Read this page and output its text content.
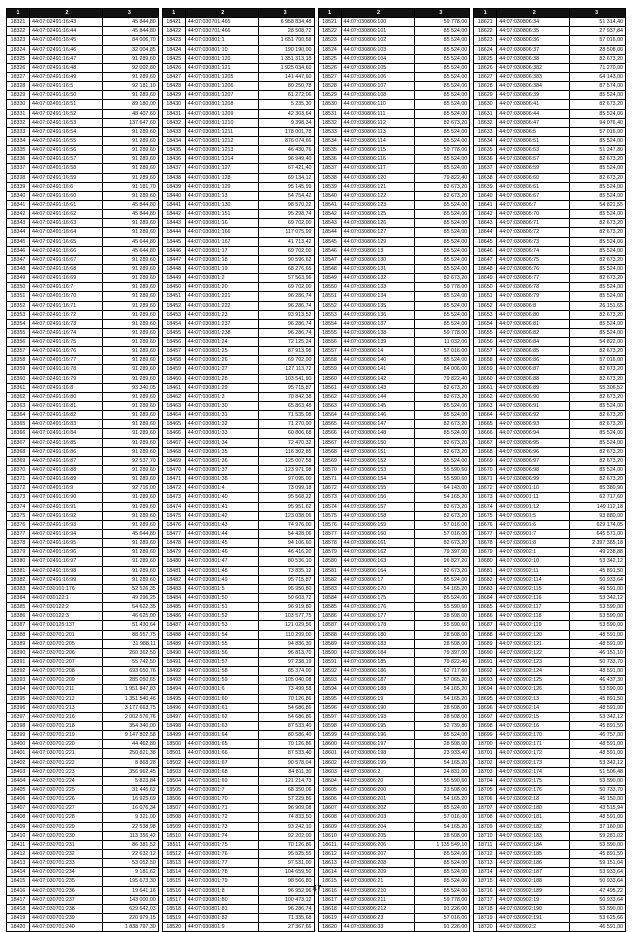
1	2	3
18321	44:07:02491:16:43	45 844,80
18322	44:07:02491:16:44	45 844,80
18323	44:07:02491:16:45	84 006,70
18324	44:07:02491:16:46	32 004,85
18325	44:07:02491:16:47	91 289,60
18326	44:07:02491:16:48	92 002,80
18327	44:07:02491:16:49	91 289,60
18328	44:07:02491:16:5	92 181,10
18329	44:07:02491:16:50	91 289,60
18330	44:07:02491:16:51	89 180,00
18331	44:07:02491:16:52	48 407,60
18332	44:07:02491:16:53	137 647,60
18333	44:07:02491:16:54	91 289,60
18334	44:07:02491:16:55	91 289,60
18335	44:07:02491:16:56	91 289,60
18336	44:07:02491:16:57	91 289,60
18337	44:07:02491:16:58	91 289,60
18338	44:07:02491:16:59	91 289,60
18339	44:07:02491:16:6	91 181,70
18340	44:07:02491:16:60	91 289,60
18341	44:07:02491:16:61	45 844,80
18342	44:07:02491:16:62	45 844,80
18343	44:07:02491:16:63	91 289,60
18344	44:07:02491:16:64	91 289,60
18345	44:07:02491:16:65	45 644,80
18346	44:07:02491:16:66	45 644,80
18347	44:07:02491:16:67	91 289,60
18348	44:07:02491:16:68	91 289,60
18349	44:07:02491:16:69	91 289,60
18350	44:07:02491:16:7	91 289,60
18351	44:07:02491:16:70	91 289,60
18352	44:07:02491:16:71	91 289,60
18353	44:07:02491:16:72	91 289,60
18354	44:07:02491:16:73	91 289,60
18355	44:07:02491:16:74	91 289,60
18356	44:07:02491:16:75	91 289,60
18357	44:07:02491:16:76	91 289,60
18358	44:07:02491:16:77	91 289,60
18359	44:07:02491:16:78	91 289,60
18360	44:07:02491:16:79	91 289,60
18361	44:07:02491:16:8	93 340,05
18362	44:07:02491:16:80	91 289,60
18363	44:07:02491:16:81	91 289,60
18364	44:07:02491:16:82	91 289,60
18365	44:07:02491:16:83	91 289,60
18366	44:07:02491:16:84	91 289,60
18367	44:07:02491:16:85	91 289,60
18368	44:07:02491:16:86	91 289,60
18369	44:07:02491:16:87	92 537,70
18370	44:07:02491:16:88	91 289,60
18371	44:07:02491:16:89	91 289,60
18372	44:07:02491:16:9	92 716,00
18373	44:07:02491:16:90	91 289,60
18374	44:07:02491:16:91	91 289,60
18375	44:07:02491:16:92	91 289,60
18376	44:07:02491:16:93	91 289,60
18377	44:07:02491:16:94	45 644,80
18378	44:07:02491:16:95	91 289,60
18379	44:07:02491:16:96	91 289,60
18380	44:07:02491:16:97	91 289,60
18381	44:07:02491:16:98	91 289,60
18382	44:07:02491:16:99	91 289,60
18383	44:07:030101:176	52 526,35
18384	44:07:030122:1	49 296,25
18385	44:07:030122:2	54 622,35
18386	44:07:030122:3	46 625,00
18387	44:07:030125:137	51 430,64
18388	44:07:030701:201	88 557,75
18389	44:07:030701:205	31 988,11
18390	44:07:030701:206	260 362,50
18391	44:07:030701:207	55 742,50
18392	44:07:030701:208	693 650,76
18393	44:07:030701:209	285 050,65
18394	44:07:030701:211	1 951 847,83
18395	44:07:030701:212	1 351 540,46
18396	44:07:030701:213	3 177 663,75
18397	44:07:030701:216	2 002 576,76
18398	44:07:030701:218	354 340,00
18399	44:07:030701:219	9 147 802,58
18400	44:07:030701:220	44 462,80
18401	44:07:030701:221	250 821,38
18402	44:07:030701:222	8 868,28
18403	44:07:030701:223	356 962,45
18404	44:07:030701:224	5 823,84
18405	44:07:030701:225	31 445,62
18406	44:07:030701:226	16 925,69
18407	44:07:030701:227	16 076,34
18408	44:07:030701:228	9 321,00
18409	44:07:030701:229	22 538,98
18410	44:07:030701:230	113 356,42
18411	44:07:030701:231	86 381,52
18412	44:07:030701:232	22 632,12
18413	44:07:030701:233	53 052,50
18414	44:07:030701:234	9 181,62
18415	44:07:030701:235	195 673,30
18416	44:07:030701:236	19 641,16
18417	44:07:030701:237	143 000,00
18418	44:07:030701:238	629 642,03
18419	44:07:030701:239	220 979,15
18420	44:07:030701:240	1 838 797,30
1	2	3
18421	44:07:030701:465	6 958 834,48
18422	44:07:030701:466	28 508,72
18423	44:07:030801:1	1 651 700,58
18424	44:07:030801:10	190 190,00
18425	44:07:030801:120	1 351 313,18
18426	44:07:030801:121	1 925 034,60
18427	44:07:030801:1205	141 447,60
18428	44:07:030801:1206	80 250,78
18429	44:07:030801:1207	61 272,06
18430	44:07:030801:1208	5 235,30
18431	44:07:030801:1209	42 303,64
18432	44:07:030801:1210	9 398,34
18433	44:07:030801:1211	178 001,78
18434	44:07:030801:1212	876 074,66
18435	44:07:030801:1213	46 430,76
18436	44:07:030801:1214	96 949,40
18437	44:07:030801:127	67 421,40
18438	44:07:030801:128	69 134,12
18439	44:07:030801:129	95 145,99
18440	44:07:030801:13	54 754,42
18441	44:07:030801:130	98 570,22
18442	44:07:030801:151	95 298,74
18443	44:07:030801:16	69 702,00
18444	44:07:030801:166	117 075,99
18445	44:07:030801:167	41 713,42
18446	44:07:030801:17	69 702,00
18447	44:07:030801:18	90 596,62
18448	44:07:030801:19	68 276,65
18449	44:07:030801:2	57 563,96
18450	44:07:030801:20	69 702,00
18451	44:07:030801:221	96 286,74
18452	44:07:030801:222	96 286,74
18453	44:07:030801:23	93 913,52
18454	44:07:030801:237	96 286,74
18455	44:07:030801:238	96 286,74
18456	44:07:030801:24	72 125,24
18457	44:07:030801:25	87 913,98
18458	44:07:030801:26	69 702,00
18459	44:07:030801:27	127 113,72
18460	44:07:030801:28	103 541,90
18461	44:07:030801:29	95 715,87
18462	44:07:030801:3	70 842,38
18463	44:07:030801:30	65 863,48
18464	44:07:030801:31	71 535,08
18465	44:07:030801:32	71 270,00
18466	44:07:030801:33	60 806,68
18467	44:07:030801:34	72 470,32
18468	44:07:030801:35	116 302,85
18469	44:07:030801:36	125 007,58
18470	44:07:030801:37	123 971,98
18471	44:07:030801:38	97 095,00
18472	44:07:030801:4	73 099,18
18473	44:07:030801:40	95 568,22
18474	44:07:030801:41	95 951,62
18475	44:07:030801:42	123 038,06
18476	44:07:030801:43	74 976,00
18477	44:07:030801:44	54 428,06
18478	44:07:030801:45	94 106,60
18479	44:07:030801:46	46 416,20
18480	44:07:030801:47	80 536,10
18481	44:07:030801:48	73 835,12
18482	44:07:030801:49	95 715,87
18483	44:07:030801:5	95 950,80
18484	44:07:030801:50	50 603,72
18485	44:07:030801:51	96 919,80
18486	44:07:030801:52	103 577,75
18487	44:07:030801:53	121 029,56
18488	44:07:030801:54	110 299,00
18489	44:07:030801:55	94 836,30
18490	44:07:030801:56	96 813,70
18491	44:07:030801:57	97 238,19
18492	44:07:030801:58	85 374,00
18493	44:07:030801:59	105 040,08
18494	44:07:030801:6	73 499,58
18495	44:07:030801:60	70 126,86
18496	44:07:030801:61	54 686,86
18497	44:07:030801:62	54 686,86
18498	44:07:030801:63	87 533,40
18499	44:07:030801:64	80 586,40
18500	44:07:030801:65	70 126,86
18501	44:07:030801:66	87 533,40
18502	44:07:030801:67	90 578,04
18503	44:07:030801:68	84 811,30
18504	44:07:030801:69	121 214,73
18505	44:07:030801:7	68 350,06
18506	44:07:030801:70	57 229,86
18507	44:07:030801:71	96 909,08
18508	44:07:030801:72	74 833,50
18509	44:07:030801:73	93 242,10
18510	44:07:030801:74	92 202,00
18511	44:07:030801:75	70 126,86
18512	44:07:030801:76	95 525,55
18513	44:07:030801:77	97 531,00
18514	44:07:030801:78	104 659,50
18515	44:07:030801:79	98 566,80
18516	44:07:030801:8	96 952,96
18517	44:07:030801:80	100 473,12
18518	44:07:030801:81	96 286,74
18519	44:07:030801:82	71 335,68
18520	44:07:030801:9	27 367,66
1	2	3
18521	44:07:030806:100	59 778,00
18522	44:07:030806:101	85 524,00
18523	44:07:030806:102	85 524,00
18524	44:07:030806:103	85 524,00
18525	44:07:030806:104	85 524,00
18526	44:07:030806:105	85 524,00
18527	44:07:030806:106	85 524,00
18528	44:07:030806:107	85 524,00
18529	44:07:030806:108	85 524,00
18530	44:07:030806:110	85 524,00
18531	44:07:030806:111	85 524,00
18532	44:07:030806:112	82 673,20
18533	44:07:030806:113	85 524,00
18534	44:07:030806:114	85 524,00
18535	44:07:030806:115	59 778,00
18536	44:07:030806:116	85 524,00
18537	44:07:030806:117	85 524,00
18538	44:07:030806:120	79 822,40
18539	44:07:030806:121	82 673,20
18540	44:07:030806:122	82 673,20
18541	44:07:030806:123	85 524,00
18542	44:07:030806:125	85 524,00
18543	44:07:030806:126	85 524,00
18544	44:07:030806:127	85 524,00
18545	44:07:030806:129	85 524,00
18546	44:07:030806:13	85 524,00
18547	44:07:030806:130	85 524,00
18548	44:07:030806:131	85 524,00
18549	44:07:030806:132	82 673,20
18550	44:07:030806:133	59 778,00
18551	44:07:030806:134	85 524,00
18552	44:07:030806:135	85 524,00
18553	44:07:030806:136	85 524,00
18554	44:07:030806:137	85 524,00
18555	44:07:030806:138	59 778,00
18556	44:07:030806:139	11 032,00
18557	44:07:030806:14	57 016,00
18558	44:07:030806:140	85 524,00
18559	44:07:030806:141	84 006,00
18560	44:07:030806:142	79 822,40
18561	44:07:030806:143	82 673,20
18562	44:07:030806:144	82 673,20
18563	44:07:030806:145	85 524,00
18564	44:07:030806:146	85 524,00
18565	44:07:030806:147	82 673,20
18566	44:07:030806:148	85 524,00
18567	44:07:030806:150	82 673,20
18568	44:07:030806:151	82 673,20
18569	44:07:030806:152	85 524,00
18570	44:07:030806:153	55 590,60
18571	44:07:030806:154	55 590,60
18572	44:07:030806:155	64 143,00
18573	44:07:030806:156	54 165,20
18574	44:07:030806:157	82 673,20
18575	44:07:030806:158	82 673,20
18576	44:07:030806:159	57 016,00
18577	44:07:030806:160	57 016,00
18578	44:07:030806:161	82 673,20
18579	44:07:030806:162	79 397,00
18580	44:07:030806:163	96 827,20
18581	44:07:030806:164	82 673,20
18582	44:07:030806:17	85 524,00
18583	44:07:030806:170	54 165,20
18584	44:07:030806:175	85 524,00
18585	44:07:030806:176	55 590,60
18586	44:07:030806:177	28 508,00
18587	44:07:030806:178	55 590,60
18588	44:07:030806:180	28 508,00
18589	44:07:030806:183	28 508,00
18590	44:07:030806:184	79 397,00
18591	44:07:030806:185	79 822,40
18592	44:07:030806:186	62 717,60
18593	44:07:030806:187	57 065,20
18594	44:07:030806:188	54 165,20
18595	44:07:030806:19	54 165,20
18596	44:07:030806:190	28 508,00
18597	44:07:030806:193	28 508,00
18598	44:07:030806:195	52 739,80
18599	44:07:030806:196	85 524,00
18600	44:07:030806:197	28 508,00
18601	44:07:030806:198	23 933,40
18602	44:07:030806:199	54 165,20
18603	44:07:030806:2	24 831,00
18604	44:07:030806:20	55 590,60
18605	44:07:030806:200	23 508,00
18606	44:07:030806:201	54 165,20
18607	44:07:030806:202	85 524,00
18608	44:07:030806:203	57 016,00
18609	44:07:030806:204	54 165,20
18610	44:07:030806:205	28 508,00
18611	44:07:030806:206	1 135 549,10
18612	44:07:030806:207	85 524,00
18613	44:07:030806:208	85 524,00
18614	44:07:030806:209	85 524,00
18615	44:07:030806:21	85 524,00
18616	44:07:030806:210	85 524,00
18617	44:07:030806:211	59 778,00
18618	44:07:030806:212	91 226,00
18619	44:07:030806:23	57 016,00
18620	44:07:030806:33	91 226,00
1	2	3
18621	44:07:030806:34	51 314,40
18622	44:07:030806:35	27 937,84
18623	44:07:030806:36	57 016,00
18624	44:07:030806:37	28 508,00
18625	44:07:030806:38	82 673,20
18626	44:07:030806:382	71 270,00
18627	44:07:030806:383	64 143,00
18628	44:07:030806:384	87 574,00
18629	44:07:030806:39	85 524,00
18630	44:07:030806:41	82 673,20
18631	44:07:030806:44	85 524,00
18632	44:07:030806:47	94 076,40
18633	44:07:030806:5	57 016,00
18634	44:07:030806:51	85 524,00
18635	44:07:030806:53	51 247,80
18636	44:07:030806:57	82 673,20
18637	44:07:030806:59	85 524,00
18638	44:07:030806:60	82 673,20
18639	44:07:030806:61	85 524,00
18640	44:07:030806:67	85 524,00
18641	44:07:030806:7	54 821,55
18642	44:07:030806:70	85 524,00
18643	44:07:030806:71	82 673,20
18644	44:07:030806:72	82 673,20
18645	44:07:030806:73	85 524,00
18646	44:07:030806:74	85 524,00
18647	44:07:030806:75	82 673,20
18648	44:07:030806:76	85 524,00
18649	44:07:030806:77	82 673,20
18650	44:07:030806:78	85 524,00
18651	44:07:030806:79	85 524,00
18652	44:07:030806:8	26 151,65
18653	44:07:030806:80	82 673,20
18654	44:07:030806:81	85 524,00
18655	44:07:030806:82	85 524,00
18656	44:07:030806:84	54 822,00
18657	44:07:030806:85	82 673,20
18658	44:07:030806:86	57 016,00
18659	44:07:030806:87	82 673,20
18660	44:07:030806:88	82 673,20
18661	44:07:030806:89	55 306,52
18662	44:07:030806:90	82 673,20
18663	44:07:030806:91	85 524,00
18664	44:07:030806:92	82 673,20
18665	44:07:030806:93	82 673,20
18666	44:07:030806:94	85 524,00
18667	44:07:030806:95	85 524,00
18668	44:07:030806:96	82 673,20
18669	44:07:030806:97	82 673,20
18670	44:07:030806:98	85 524,00
18671	44:07:030806:99	82 673,20
18672	44:07:030901:10	85 380,90
18673	44:07:030901:11	62 717,60
18674	44:07:030901:12	149 112,18
18675	44:07:030901:5	93 880,00
18676	44:07:030901:6	629 174,05
18677	44:07:030901:7	645 571,00
18678	44:07:030901:8	2 397 385,18
18679	44:07:030902:1	49 238,88
18680	44:07:030902:10	53 342,12
18681	44:07:030902:11	45 891,50
18682	44:07:030902:114	50 933,64
18683	44:07:030902:115	49 591,00
18684	44:07:030902:116	53 342,12
18685	44:07:030902:117	53 590,00
18686	44:07:030902:118	53 590,00
18687	44:07:030902:119	53 590,00
18688	44:07:030902:120	48 591,00
18689	44:07:030902:121	48 591,00
18690	44:07:030902:122	46 151,10
18691	44:07:030902:123	50 733,70
18692	44:07:030902:124	48 591,00
18693	44:07:030902:125	46 437,30
18694	44:07:030902:126	53 590,00
18695	44:07:030902:13	45 891,50
18696	44:07:030902:14	48 591,00
18697	44:07:030902:15	53 342,12
18698	44:07:030902:16	45 891,50
18699	44:07:030902:170	46 757,00
18700	44:07:030902:171	48 591,00
18701	44:07:030902:172	48 591,00
18702	44:07:030902:173	53 342,12
18703	44:07:030902:174	51 506,48
18704	44:07:030902:175	53 590,00
18705	44:07:030902:176	50 733,70
18706	44:07:030902:18	45 150,00
18707	44:07:030902:180	43 515,94
18708	44:07:030902:181	48 591,00
18709	44:07:030902:182	37 160,00
18710	44:07:030902:183	59 281,02
18711	44:07:030902:184	53 590,00
18712	44:07:030902:185	45 891,50
18713	44:07:030902:186	59 151,04
18714	44:07:030902:187	53 933,64
18715	44:07:030902:188	50 933,64
18716	44:07:030902:189	47 495,22
18717	44:07:030902:19	50 933,64
18718	44:07:030902:190	53 590,00
18719	44:07:030902:191	53 625,66
18720	44:07:030902:2	46 591,00
47
